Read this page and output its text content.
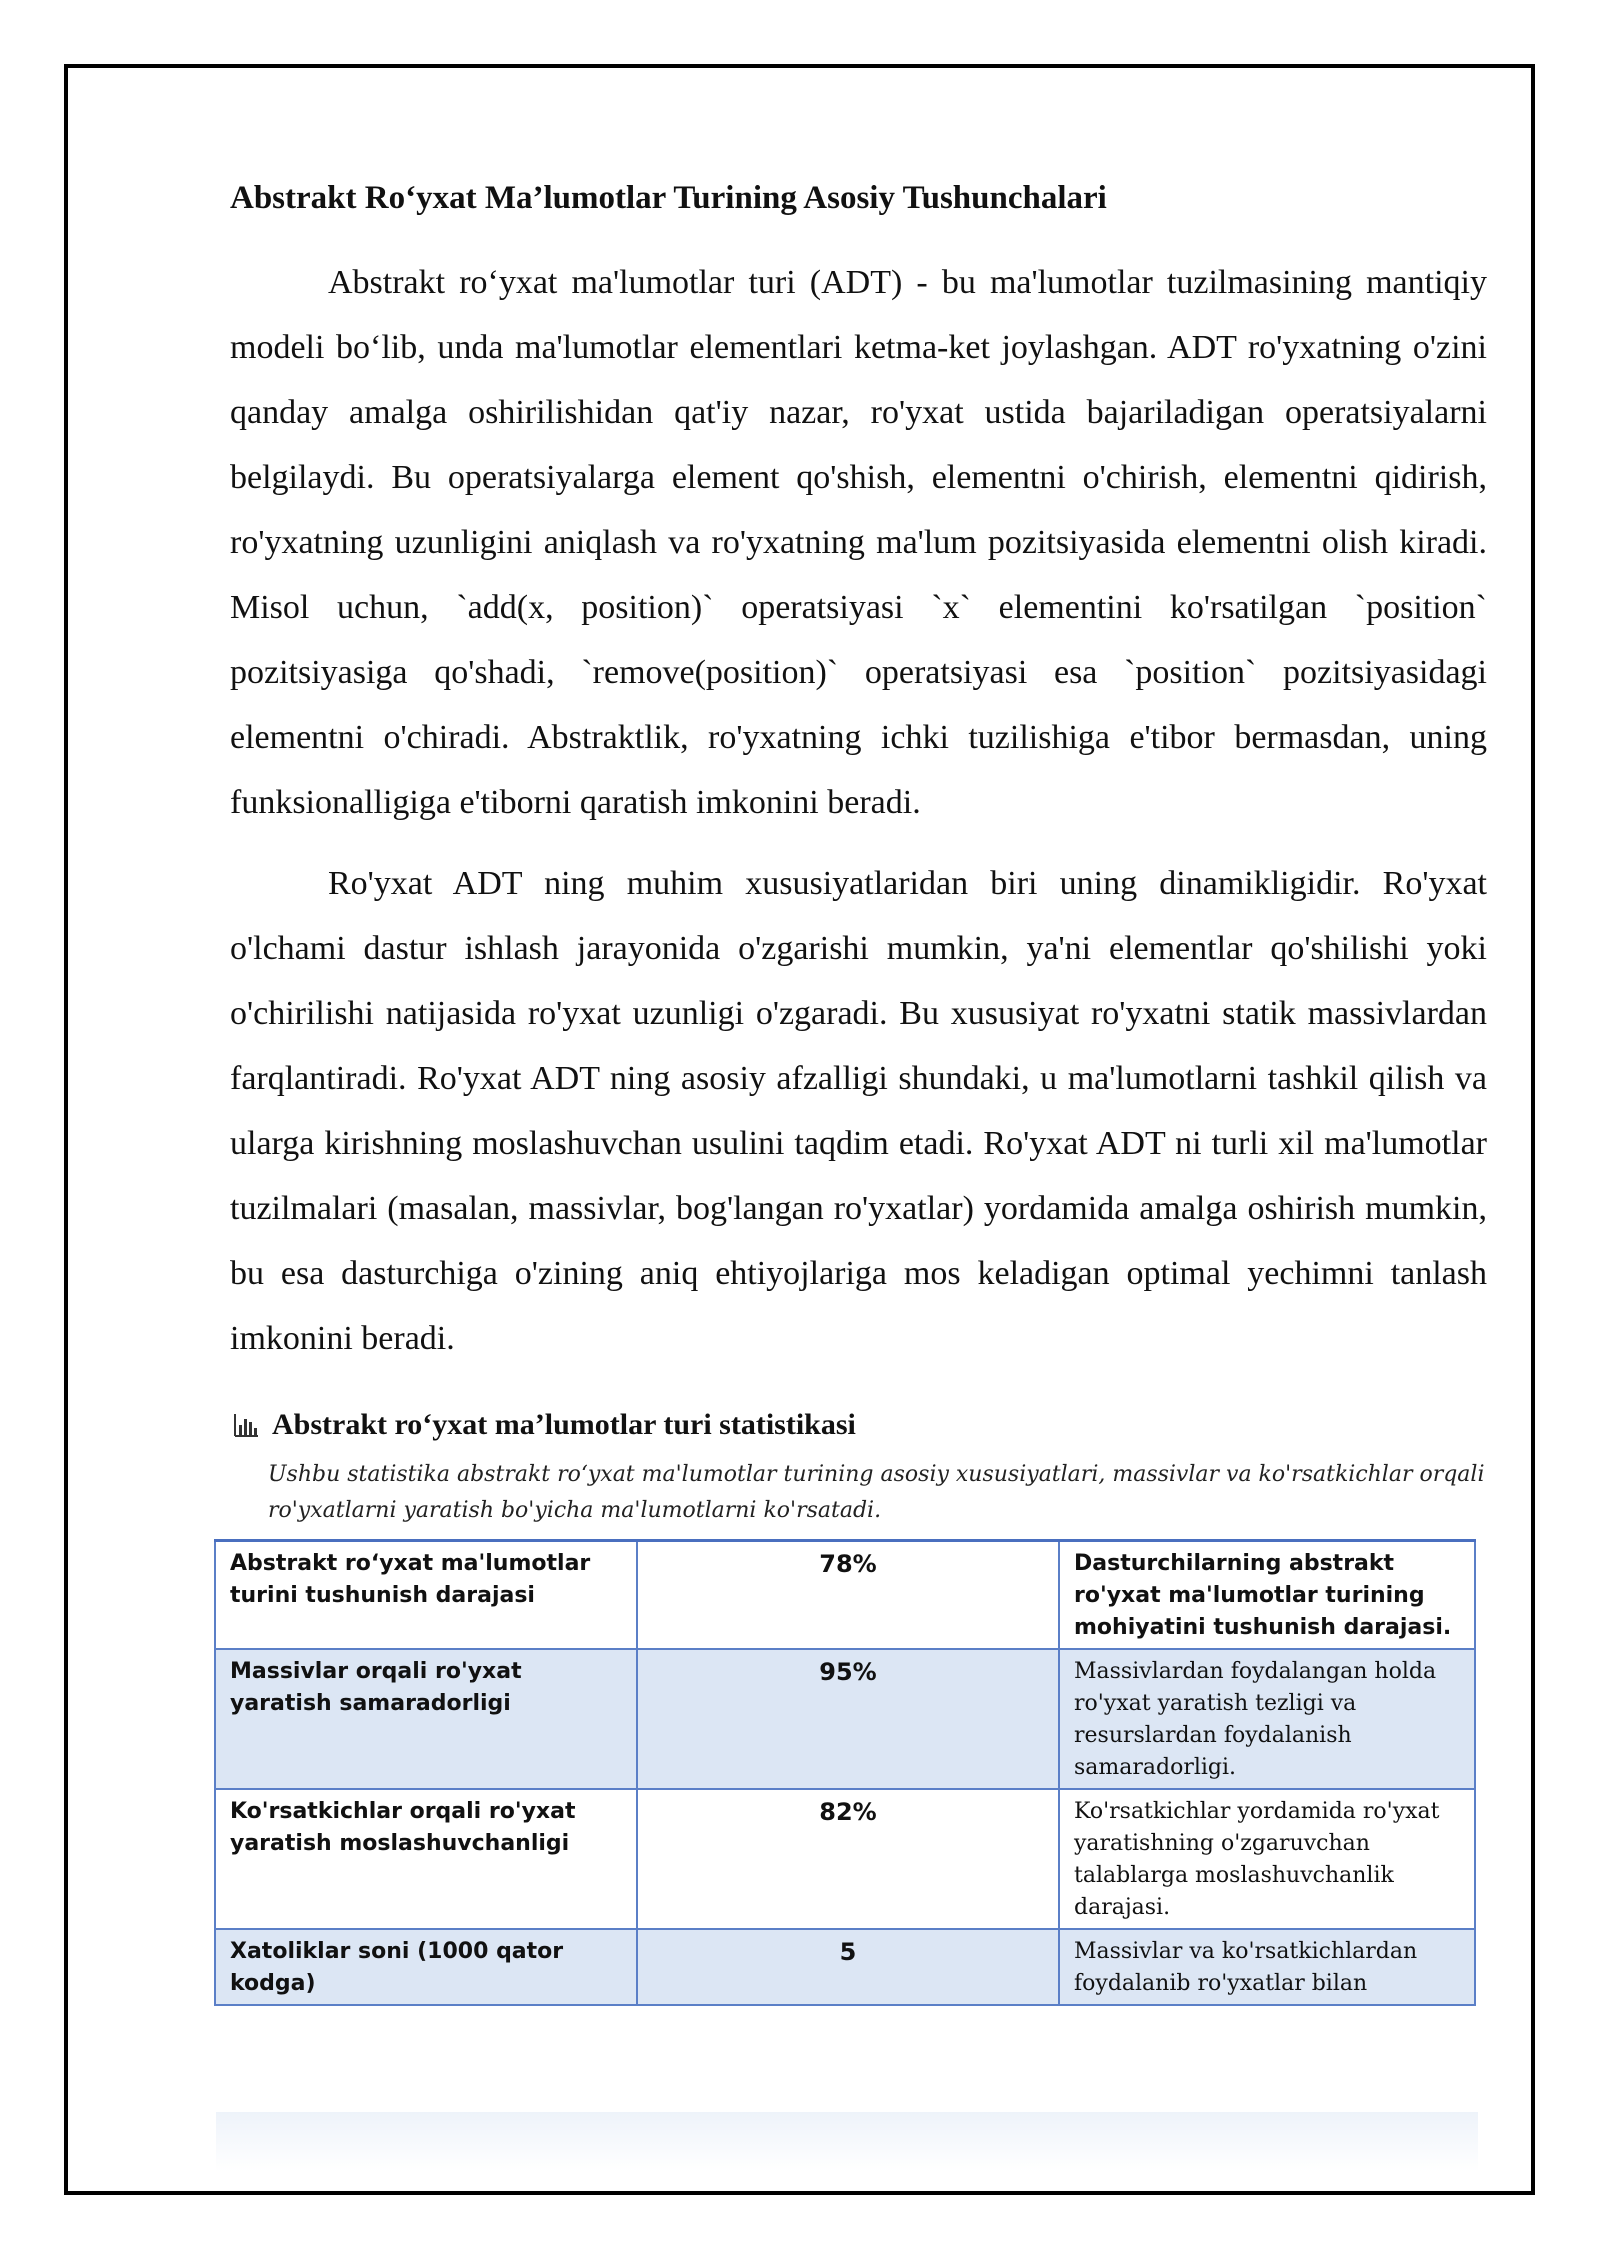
Abstrakt Ro‘yxat Ma’lumotlar Turining Asosiy Tushunchalari

Abstrakt ro‘yxat ma'lumotlar turi (ADT) - bu ma'lumotlar tuzilmasining mantiqiy modeli bo‘lib, unda ma'lumotlar elementlari ketma-ket joylashgan. ADT ro'yxatning o'zini qanday amalga oshirilishidan qat'iy nazar, ro'yxat ustida bajariladigan operatsiyalarni belgilaydi. Bu operatsiyalarga element qo'shish, elementni o'chirish, elementni qidirish, ro'yxatning uzunligini aniqlash va ro'yxatning ma'lum pozitsiyasida elementni olish kiradi. Misol uchun, `add(x, position)` operatsiyasi `x` elementini ko'rsatilgan `position` pozitsiyasiga qo'shadi, `remove(position)` operatsiyasi esa `position` pozitsiyasidagi elementni o'chiradi. Abstraktlik, ro'yxatning ichki tuzilishiga e'tibor bermasdan, uning funksionalligiga e'tiborni qaratish imkonini beradi.

Ro'yxat ADT ning muhim xususiyatlaridan biri uning dinamikligidir. Ro'yxat o'lchami dastur ishlash jarayonida o'zgarishi mumkin, ya'ni elementlar qo'shilishi yoki o'chirilishi natijasida ro'yxat uzunligi o'zgaradi. Bu xususiyat ro'yxatni statik massivlardan farqlantiradi. Ro'yxat ADT ning asosiy afzalligi shundaki, u ma'lumotlarni tashkil qilish va ularga kirishning moslashuvchan usulini taqdim etadi. Ro'yxat ADT ni turli xil ma'lumotlar tuzilmalari (masalan, massivlar, bog'langan ro'yxatlar) yordamida amalga oshirish mumkin, bu esa dasturchiga o'zining aniq ehtiyojlariga mos keladigan optimal yechimni tanlash imkonini beradi.

Abstrakt ro‘yxat ma’lumotlar turi statistikasi
Ushbu statistika abstrakt ro‘yxat ma'lumotlar turining asosiy xususiyatlari, massivlar va ko'rsatkichlar orqali ro'yxatlarni yaratish bo'yicha ma'lumotlarni ko'rsatadi.
Abstrakt ro‘yxat ma'lumotlar turini tushunish darajasi	78%	Dasturchilarning abstrakt ro'yxat ma'lumotlar turining mohiyatini tushunish darajasi.
Massivlar orqali ro'yxat yaratish samaradorligi	95%	Massivlardan foydalangan holda ro'yxat yaratish tezligi va resurslardan foydalanish samaradorligi.
Ko'rsatkichlar orqali ro'yxat yaratish moslashuvchanligi	82%	Ko'rsatkichlar yordamida ro'yxat yaratishning o'zgaruvchan talablarga moslashuvchanlik darajasi.
Xatoliklar soni (1000 qator kodga)	5	Massivlar va ko'rsatkichlardan foydalanib ro'yxatlar bilan
